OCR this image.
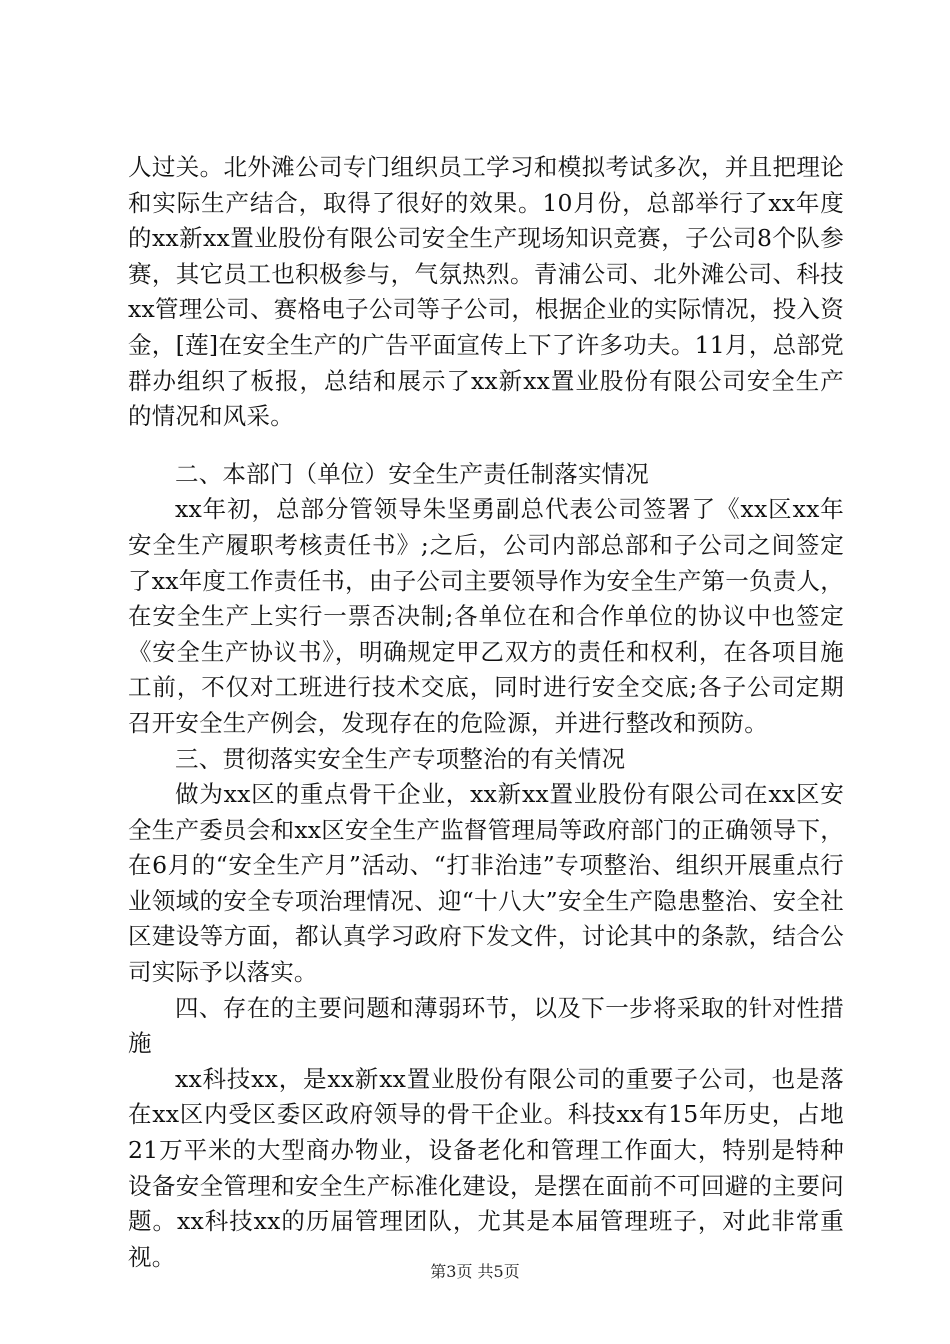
人过关。北外滩公司专门组织员工学习和模拟考试多次，并且把理论和实际生产结合，取得了很好的效果。10月份，总部举行了xx年度的xx新xx置业股份有限公司安全生产现场知识竞赛，子公司8个队参赛，其它员工也积极参与，气氛热烈。青浦公司、北外滩公司、科技xx管理公司、赛格电子公司等子公司，根据企业的实际情况，投入资金，[莲]在安全生产的广告平面宣传上下了许多功夫。11月，总部党群办组织了板报，总结和展示了xx新xx置业股份有限公司安全生产的情况和风采。

二、本部门（单位）安全生产责任制落实情况

xx年初，总部分管领导朱坚勇副总代表公司签署了《xx区xx年安全生产履职考核责任书》;之后，公司内部总部和子公司之间签定了xx年度工作责任书，由子公司主要领导作为安全生产第一负责人，在安全生产上实行一票否决制;各单位在和合作单位的协议中也签定《安全生产协议书》，明确规定甲乙双方的责任和权利，在各项目施工前，不仅对工班进行技术交底，同时进行安全交底;各子公司定期召开安全生产例会，发现存在的危险源，并进行整改和预防。

三、贯彻落实安全生产专项整治的有关情况

做为xx区的重点骨干企业，xx新xx置业股份有限公司在xx区安全生产委员会和xx区安全生产监督管理局等政府部门的正确领导下，在6月的“安全生产月”活动、“打非治违”专项整治、组织开展重点行业领域的安全专项治理情况、迎“十八大”安全生产隐患整治、安全社区建设等方面，都认真学习政府下发文件，讨论其中的条款，结合公司实际予以落实。

四、存在的主要问题和薄弱环节，以及下一步将采取的针对性措施

xx科技xx，是xx新xx置业股份有限公司的重要子公司，也是落在xx区内受区委区政府领导的骨干企业。科技xx有15年历史，占地21万平米的大型商办物业，设备老化和管理工作面大，特别是特种设备安全管理和安全生产标准化建设，是摆在面前不可回避的主要问题。xx科技xx的历届管理团队，尤其是本届管理班子，对此非常重视。

第3页 共5页
